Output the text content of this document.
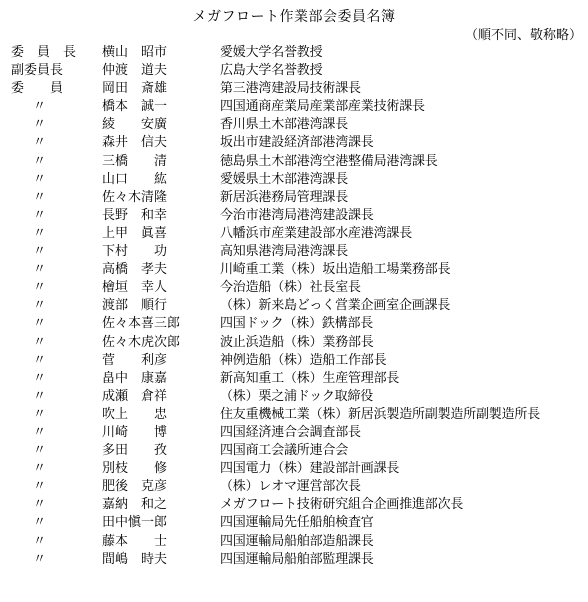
メガフロート作業部会委員名簿
（順不同、敬称略）
委　員　長	横山　昭市	愛媛大学名誉教授
副委員長	仲渡　道夫	広島大学名誉教授
委　　員	岡田　斎雄	第三港湾建設局技術課長
〃	橋本　誠一	四国通商産業局産業部産業技術課長
〃	綾　　安廣	香川県土木部港湾課長
〃	森井　信夫	坂出市建設経済部港湾課長
〃	三橋　　清	徳島県土木部港湾空港整備局港湾課長
〃	山口　　紘	愛媛県土木部港湾課長
〃	佐々木清隆	新居浜港務局管理課長
〃	長野　和幸	今治市港湾局港湾建設課長
〃	上甲　眞喜	八幡浜市産業建設部水産港湾課長
〃	下村　　功	高知県港湾局港湾課長
〃	高橋　孝夫	川崎重工業（株）坂出造船工場業務部長
〃	檜垣　幸人	今治造船（株）社長室長
〃	渡部　順行	（株）新来島どっく営業企画室企画課長
〃	佐々本喜三郎	四国ドック（株）鉄構部長
〃	佐々木虎次郎	波止浜造船（株）業務部長
〃	菅　　利彦	神例造船（株）造船工作部長
〃	畠中　康嘉	新高知重工（株）生産管理部長
〃	成瀬　倉祥	（株）栗之浦ドック取締役
〃	吹上　　忠	住友重機械工業（株）新居浜製造所副製造所副製造所長
〃	川崎　　博	四国経済連合会調査部長
〃	多田　　孜	四国商工会議所連合会
〃	別枝　　修	四国電力（株）建設部計画課長
〃	肥後　克彦	（株）レオマ運営部次長
〃	嘉納　和之	メガフロート技術研究組合企画推進部次長
〃	田中愼一郎	四国運輸局先任船舶検査官
〃	藤本　　士	四国運輸局船舶部造船課長
〃	間嶋　時夫	四国運輸局船舶部監理課長
